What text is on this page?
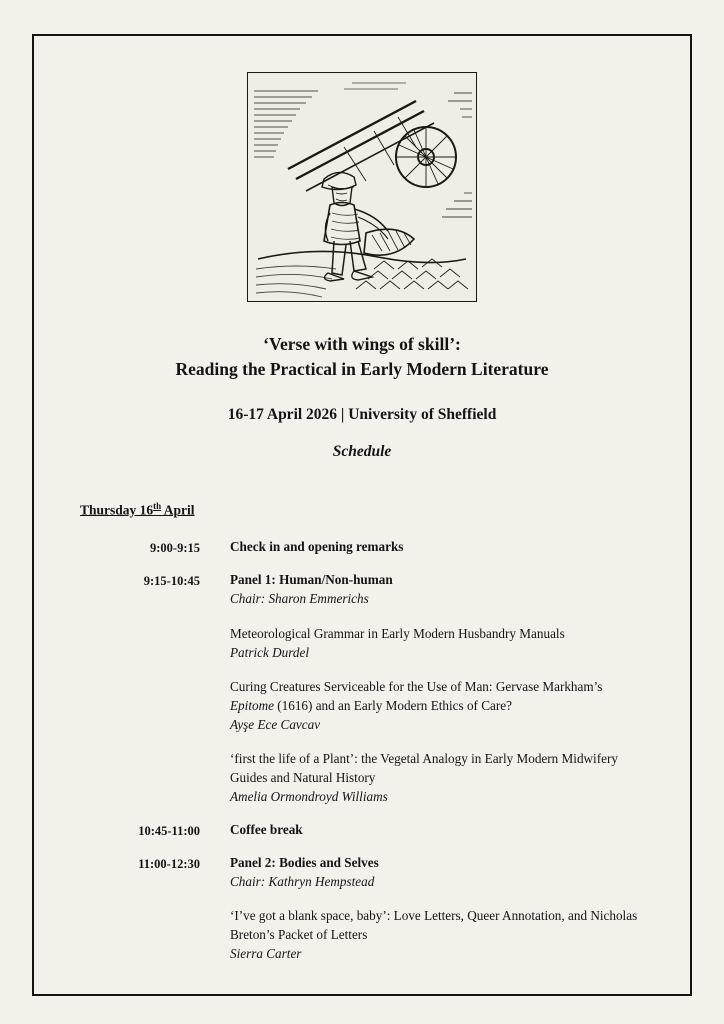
‘Verse with wings of skill’:
Reading the Practical in Early Modern Literature
16-17 April 2026 | University of Sheffield
Schedule
Thursday 16th April
9:00-9:15	Check in and opening remarks
9:15-10:45	Panel 1: Human/Non-human
Chair: Sharon Emmerichs
Meteorological Grammar in Early Modern Husbandry Manuals
Patrick Durdel
Curing Creatures Serviceable for the Use of Man: Gervase Markham’s Epitome (1616) and an Early Modern Ethics of Care?
Ayşe Ece Cavcav
‘first the life of a Plant’: the Vegetal Analogy in Early Modern Midwifery Guides and Natural History
Amelia Ormondroyd Williams
10:45-11:00	Coffee break
11:00-12:30	Panel 2: Bodies and Selves
Chair: Kathryn Hempstead
‘I’ve got a blank space, baby’: Love Letters, Queer Annotation, and Nicholas Breton’s Packet of Letters
Sierra Carter
